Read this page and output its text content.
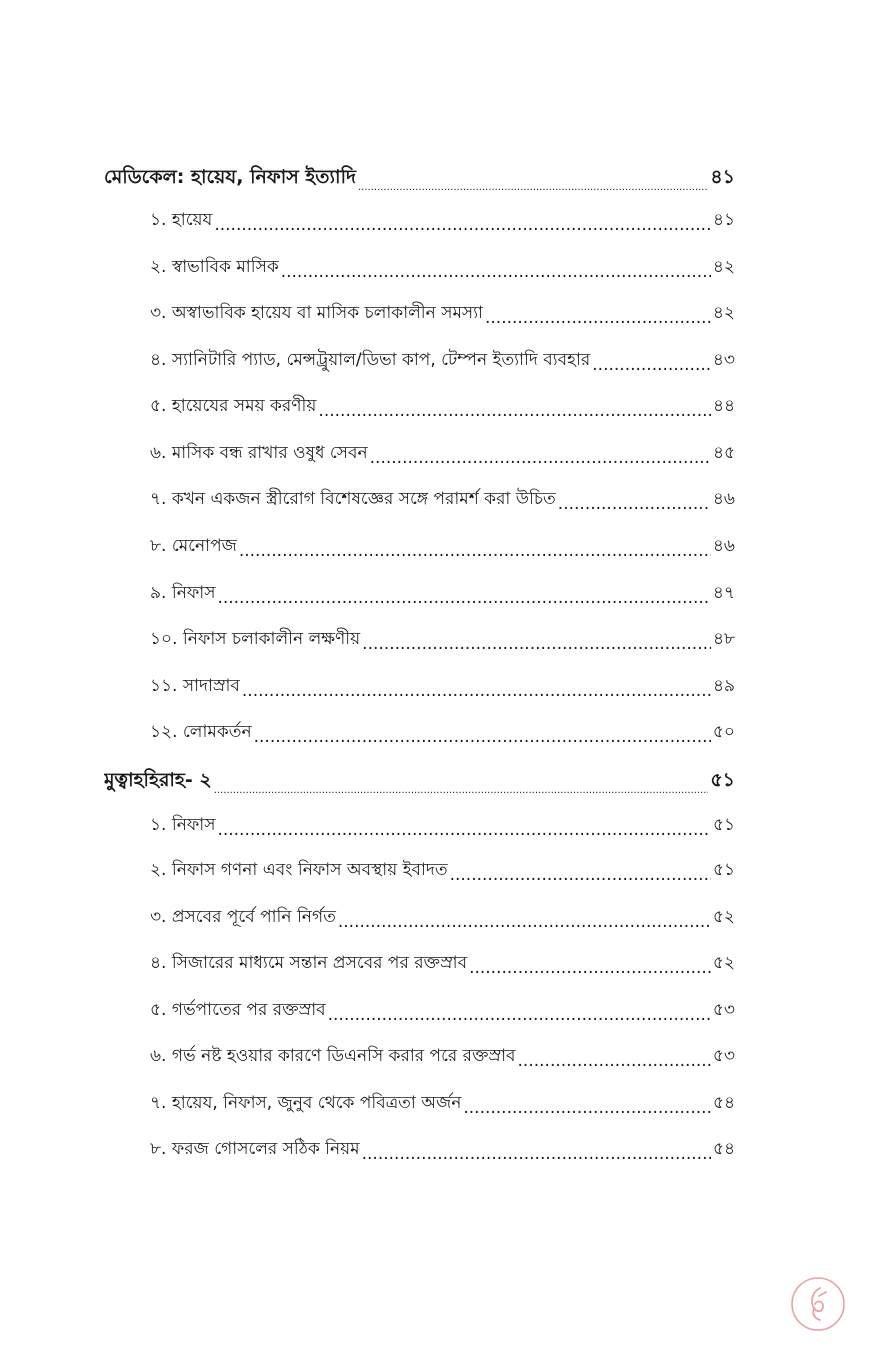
মেডিকেল: হায়েয, নিফাস ইত্যাদি .....	৪১
১. হায়েয .....	৪১
২. স্বাভাবিক মাসিক .....	৪২
৩. অস্বাভাবিক হায়েয বা মাসিক চলাকালীন সমস্যা .....	৪২
৪. স্যানিটারি প্যাড, মেন্সট্রুয়াল/ডিভা কাপ, টেম্পন ইত্যাদি ব্যবহার .....	৪৩
৫. হায়েযের সময় করণীয় .....	৪৪
৬. মাসিক বন্ধ রাখার ওষুধ সেবন .....	৪৫
৭. কখন একজন স্ত্রীরোগ বিশেষজ্ঞের সঙ্গে পরামর্শ করা উচিত .....	৪৬
৮. মেনোপজ .....	৪৬
৯. নিফাস .....	৪৭
১০. নিফাস চলাকালীন লক্ষণীয় .....	৪৮
১১. সাদাস্রাব .....	৪৯
১২. লোমকর্তন .....	৫০
মুত্বাহহিরাহ- ২ .....	৫১
১. নিফাস .....	৫১
২. নিফাস গণনা এবং নিফাস অবস্থায় ইবাদত .....	৫১
৩. প্রসবের পূর্বে পানি নির্গত .....	৫২
৪. সিজারের মাধ্যমে সন্তান প্রসবের পর রক্তস্রাব .....	৫২
৫. গর্ভপাতের পর রক্তস্রাব .....	৫৩
৬. গর্ভ নষ্ট হওয়ার কারণে ডিএনসি করার পরে রক্তস্রাব .....	৫৩
৭. হায়েয, নিফাস, জুনুব থেকে পবিত্রতা অর্জন .....	৫৪
৮. ফরজ গোসলের সঠিক নিয়ম .....	৫৪
